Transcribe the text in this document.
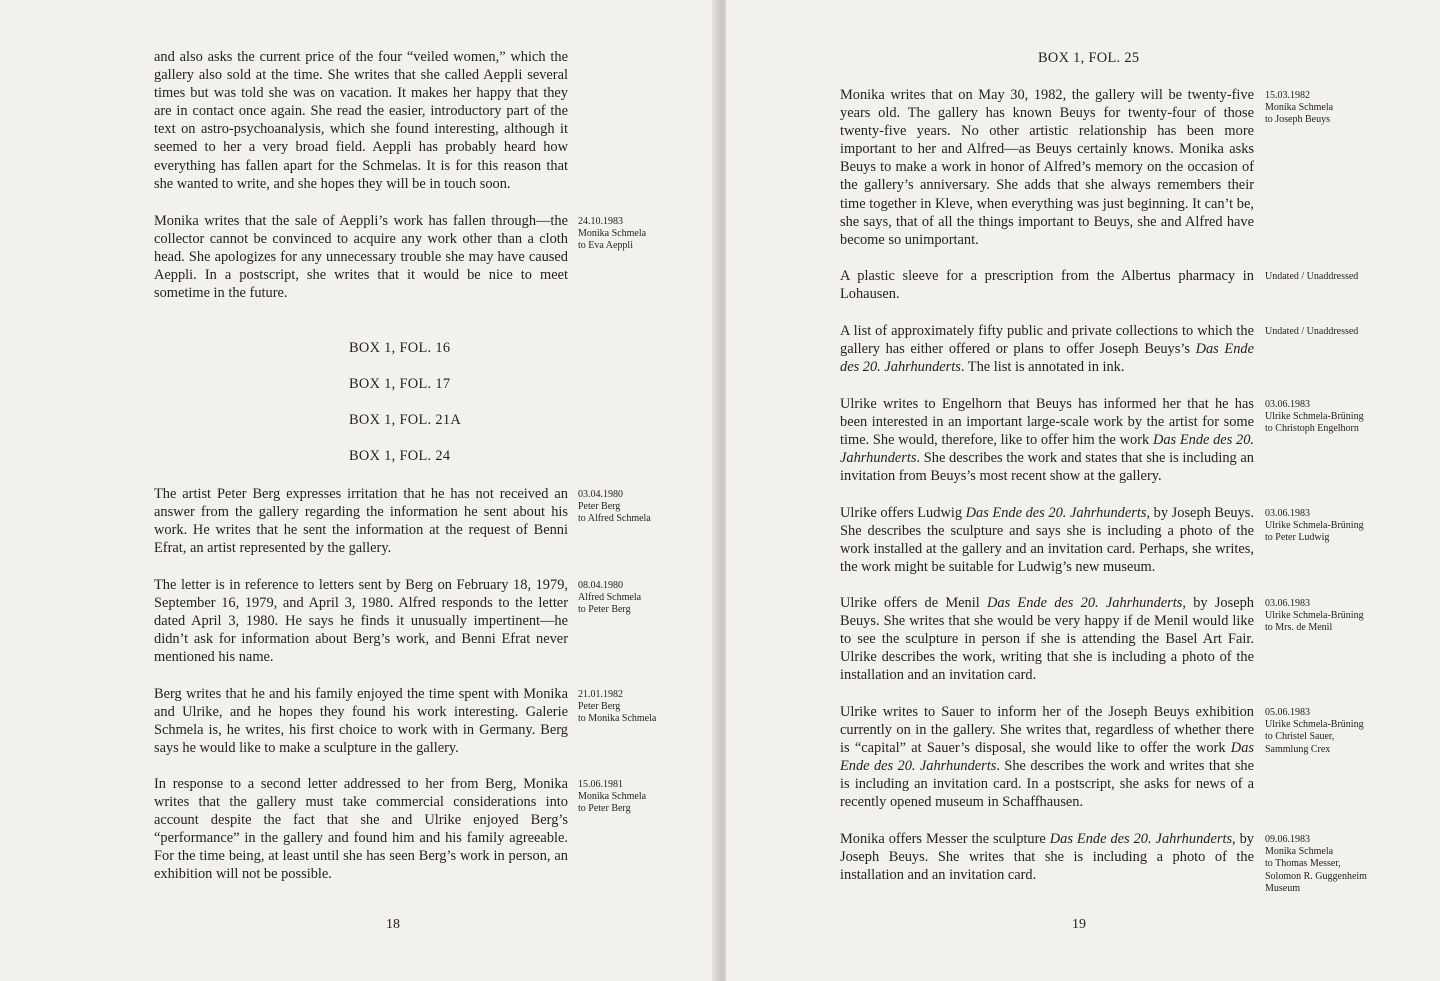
and also asks the current price of the four “veiled women,” which the gallery also sold at the time. She writes that she called Aeppli several times but was told she was on vacation. It makes her happy that they are in contact once again. She read the easier, introductory part of the text on astro-psychoanalysis, which she found interesting, although it seemed to her a very broad field. Aeppli has probably heard how everything has fallen apart for the Schmelas. It is for this reason that she wanted to write, and she hopes they will be in touch soon.

Monika writes that the sale of Aeppli’s work has fallen through—the collector cannot be convinced to acquire any work other than a cloth head. She apologizes for any unnecessary trouble she may have caused Aeppli. In a postscript, she writes that it would be nice to meet sometime in the future.

24.10.1983
Monika Schmela
to Eva Aeppli
BOX 1, FOL. 16
BOX 1, FOL. 17
BOX 1, FOL. 21A
BOX 1, FOL. 24

The artist Peter Berg expresses irritation that he has not received an answer from the gallery regarding the information he sent about his work. He writes that he sent the information at the request of Benni Efrat, an artist represented by the gallery.

03.04.1980
Peter Berg
to Alfred Schmela

The letter is in reference to letters sent by Berg on February 18, 1979, September 16, 1979, and April 3, 1980. Alfred responds to the letter dated April 3, 1980. He says he finds it unusually impertinent—he didn’t ask for information about Berg’s work, and Benni Efrat never mentioned his name.

08.04.1980
Alfred Schmela
to Peter Berg

Berg writes that he and his family enjoyed the time spent with Monika and Ulrike, and he hopes they found his work interesting. Galerie Schmela is, he writes, his first choice to work with in Germany. Berg says he would like to make a sculpture in the gallery.

21.01.1982
Peter Berg
to Monika Schmela

In response to a second letter addressed to her from Berg, Monika writes that the gallery must take commercial considerations into account despite the fact that she and Ulrike enjoyed Berg’s “performance” in the gallery and found him and his family agreeable. For the time being, at least until she has seen Berg’s work in person, an exhibition will not be possible.

15.06.1981
Monika Schmela
to Peter Berg
18
BOX 1, FOL. 25

Monika writes that on May 30, 1982, the gallery will be twenty-five years old. The gallery has known Beuys for twenty-four of those twenty-five years. No other artistic relationship has been more important to her and Alfred—as Beuys certainly knows. Monika asks Beuys to make a work in honor of Alfred’s memory on the occasion of the gallery’s anniversary. She adds that she always remembers their time together in Kleve, when everything was just beginning. It can’t be, she says, that of all the things important to Beuys, she and Alfred have become so unimportant.

15.03.1982
Monika Schmela
to Joseph Beuys

A plastic sleeve for a prescription from the Albertus pharmacy in Lohausen.

Undated / Unaddressed

A list of approximately fifty public and private collections to which the gallery has either offered or plans to offer Joseph Beuys’s Das Ende des 20. Jahrhunderts. The list is annotated in ink.

Undated / Unaddressed

Ulrike writes to Engelhorn that Beuys has informed her that he has been interested in an important large-scale work by the artist for some time. She would, therefore, like to offer him the work Das Ende des 20. Jahrhunderts. She describes the work and states that she is including an invitation from Beuys’s most recent show at the gallery.

03.06.1983
Ulrike Schmela-Brüning
to Christoph Engelhorn

Ulrike offers Ludwig Das Ende des 20. Jahrhunderts, by Joseph Beuys. She describes the sculpture and says she is including a photo of the work installed at the gallery and an invitation card. Perhaps, she writes, the work might be suitable for Ludwig’s new museum.

03.06.1983
Ulrike Schmela-Brüning
to Peter Ludwig

Ulrike offers de Menil Das Ende des 20. Jahrhunderts, by Joseph Beuys. She writes that she would be very happy if de Menil would like to see the sculpture in person if she is attending the Basel Art Fair. Ulrike describes the work, writing that she is including a photo of the installation and an invitation card.

03.06.1983
Ulrike Schmela-Brüning
to Mrs. de Menil

Ulrike writes to Sauer to inform her of the Joseph Beuys exhibition currently on in the gallery. She writes that, regardless of whether there is “capital” at Sauer’s disposal, she would like to offer the work Das Ende des 20. Jahrhunderts. She describes the work and writes that she is including an invitation card. In a postscript, she asks for news of a recently opened museum in Schaffhausen.

05.06.1983
Ulrike Schmela-Brüning
to Christel Sauer,
Sammlung Crex

Monika offers Messer the sculpture Das Ende des 20. Jahrhunderts, by Joseph Beuys. She writes that she is including a photo of the installation and an invitation card.

09.06.1983
Monika Schmela
to Thomas Messer,
Solomon R. Guggenheim
Museum
19
